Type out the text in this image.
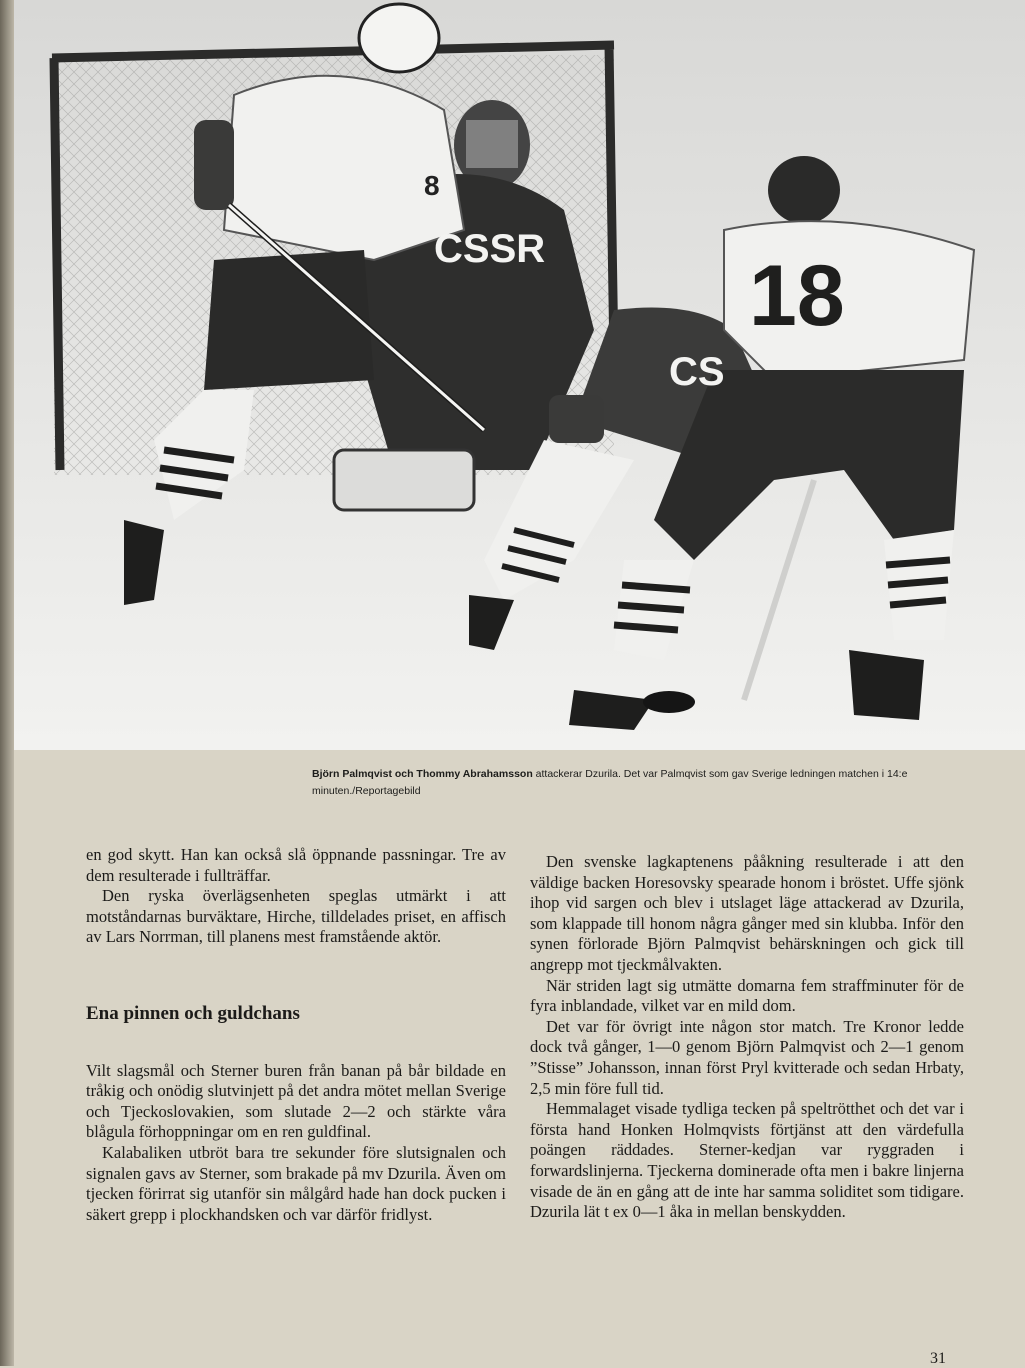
CSSR
CS
8
18
Björn Palmqvist och Thommy Abrahamsson attackerar Dzurila. Det var Palmqvist som gav Sverige ledningen matchen i 14:e minuten./Reportagebild

en god skytt. Han kan också slå öppnande passningar. Tre av dem resulterade i fullträffar.

Den ryska överlägsenheten speglas utmärkt i att motståndarnas burväktare, Hirche, tilldelades priset, en affisch av Lars Norrman, till planens mest framstående aktör.

Ena pinnen och guldchans

Vilt slagsmål och Sterner buren från banan på bår bildade en tråkig och onödig slutvinjett på det andra mötet mellan Sverige och Tjeckoslovakien, som slutade 2—2 och stärkte våra blågula förhoppningar om en ren guldfinal.

Kalabaliken utbröt bara tre sekunder före slutsignalen och signalen gavs av Sterner, som brakade på mv Dzurila. Även om tjecken förirrat sig utanför sin målgård hade han dock pucken i säkert grepp i plockhandsken och var därför fridlyst.

Den svenske lagkaptenens pååkning resulterade i att den väldige backen Horesovsky spearade honom i bröstet. Uffe sjönk ihop vid sargen och blev i utslaget läge attackerad av Dzurila, som klappade till honom några gånger med sin klubba. Inför den synen förlorade Björn Palmqvist behärskningen och gick till angrepp mot tjeckmålvakten.

När striden lagt sig utmätte domarna fem straffminuter för de fyra inblandade, vilket var en mild dom.

Det var för övrigt inte någon stor match. Tre Kronor ledde dock två gånger, 1—0 genom Björn Palmqvist och 2—1 genom ”Stisse” Johansson, innan först Pryl kvitterade och sedan Hrbaty, 2,5 min före full tid.

Hemmalaget visade tydliga tecken på speltrötthet och det var i första hand Honken Holmqvists förtjänst att den värdefulla poängen räddades. Sterner-kedjan var ryggraden i forwardslinjerna. Tjeckerna dominerade ofta men i bakre linjerna visade de än en gång att de inte har samma soliditet som tidigare. Dzurila lät t ex 0—1 åka in mellan benskydden.

31
